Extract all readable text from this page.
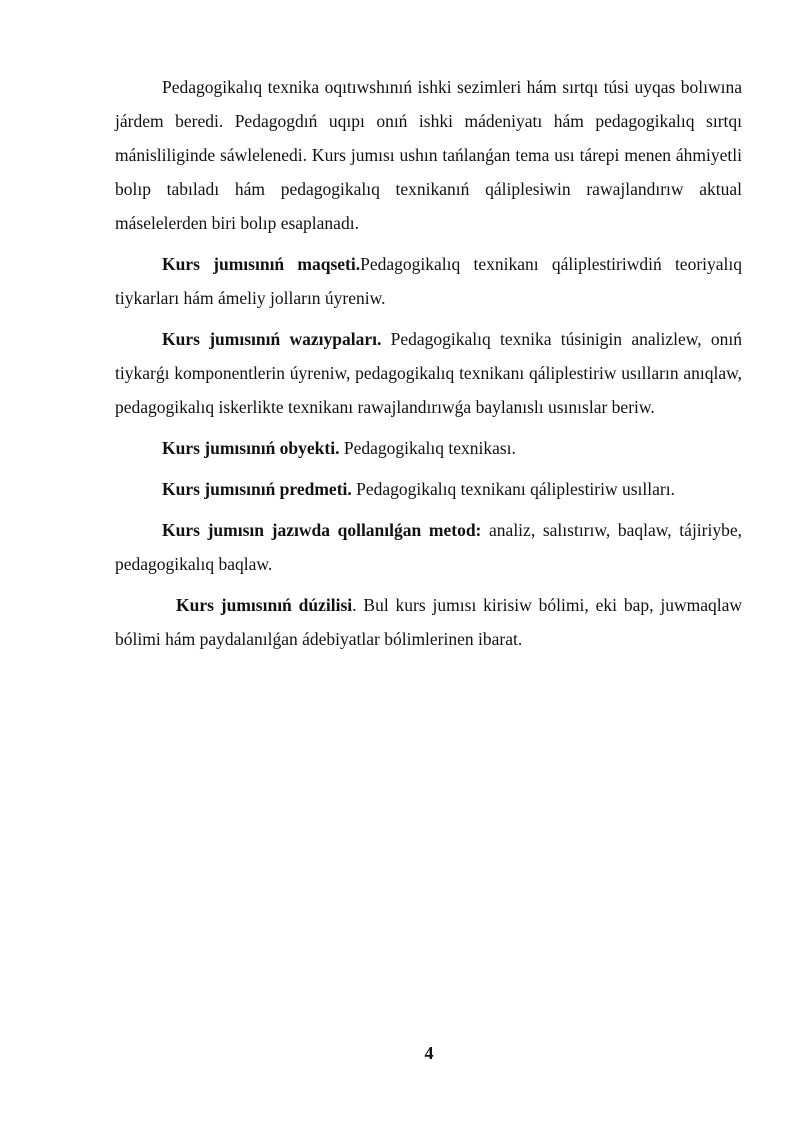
Pedagogikalıq texnika oqıtıwshınıń ishki sezimleri hám sırtqı túsi uyqas bolıwına járdem beredi. Pedagogdıń uqıpı onıń ishki mádeniyatı hám pedagogikalıq sırtqı mánisliliginde sáwlelenedi. Kurs jumısı ushın tańlanǵan tema usı tárepi menen áhmiyetli bolıp tabıladı hám pedagogikalıq texnikanıń qáliplesiwin rawajlandırıw aktual máselelerden biri bolıp esaplanadı.

Kurs jumısınıń maqseti.Pedagogikalıq texnikanı qáliplestiriwdiń teoriyalıq tiykarları hám ámeliy jolların úyreniw.

Kurs jumısınıń wazıypaları. Pedagogikalıq texnika túsinigin analizlew, onıń tiykarǵı komponentlerin úyreniw, pedagogikalıq texnikanı qáliplestiriw usılların anıqlaw, pedagogikalıq iskerlikte texnikanı rawajlandırıwǵa baylanıslı usınıslar beriw.

Kurs jumısınıń obyekti. Pedagogikalıq texnikası.

Kurs jumısınıń predmeti. Pedagogikalıq texnikanı qáliplestiriw usılları.

Kurs jumısın jazıwda qollanılǵan metod: analiz, salıstırıw, baqlaw, tájiriybe, pedagogikalıq baqlaw.

Kurs jumısınıń dúzilisi. Bul kurs jumısı kirisiw bólimi, eki bap, juwmaqlaw bólimi hám paydalanılǵan ádebiyatlar bólimlerinen ibarat.

4
